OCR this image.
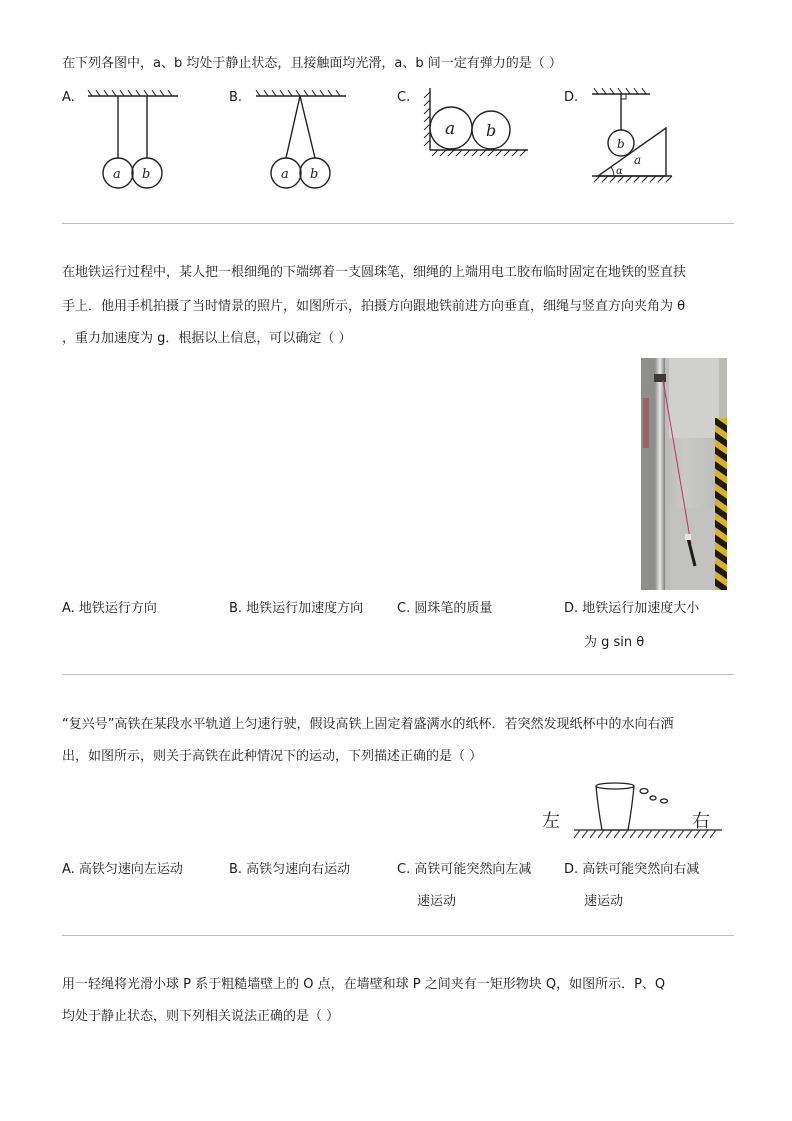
在下列各图中，a、b 均处于静止状态，且接触面均光滑，a、b 间一定有弹力的是（ ）
A.	B.	C.	D.
a b	a b
a b
b
a
α
在地铁运行过程中，某人把一根细绳的下端绑着一支圆珠笔，细绳的上端用电工胶布临时固定在地铁的竖直扶
手上．他用手机拍摄了当时情景的照片，如图所示，拍摄方向跟地铁前进方向垂直，细绳与竖直方向夹角为 θ
，重力加速度为 g．根据以上信息，可以确定（ ）
A. 地铁运行方向	B. 地铁运行加速度方向	C. 圆珠笔的质量	D. 地铁运行加速度大小
为 g sin θ
“复兴号”高铁在某段水平轨道上匀速行驶，假设高铁上固定着盛满水的纸杯．若突然发现纸杯中的水向右洒
出，如图所示，则关于高铁在此种情况下的运动，下列描述正确的是（ ）
左	右
A. 高铁匀速向左运动	B. 高铁匀速向右运动	C. 高铁可能突然向左减	D. 高铁可能突然向右减
速运动	速运动
用一轻绳将光滑小球 P 系于粗糙墙壁上的 O 点，在墙壁和球 P 之间夹有一矩形物块 Q，如图所示．P、Q
均处于静止状态，则下列相关说法正确的是（ ）
